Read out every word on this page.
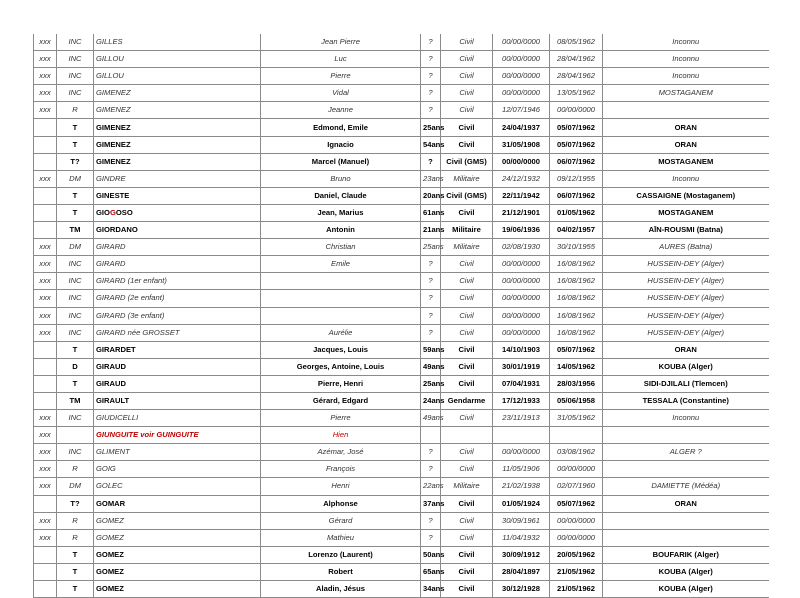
xxx	INC	GILLES	Jean Pierre	?	Civil	00/00/0000	08/05/1962	Inconnu
xxx	INC	GILLOU	Luc	?	Civil	00/00/0000	28/04/1962	Inconnu
xxx	INC	GILLOU	Pierre	?	Civil	00/00/0000	28/04/1962	Inconnu
xxx	INC	GIMENEZ	Vidal	?	Civil	00/00/0000	13/05/1962	MOSTAGANEM
xxx	R	GIMENEZ	Jeanne	?	Civil	12/07/1946	00/00/0000	
	T	GIMENEZ	Edmond, Emile	25ans	Civil	24/04/1937	05/07/1962	ORAN
	T	GIMENEZ	Ignacio	54ans	Civil	31/05/1908	05/07/1962	ORAN
	T?	GIMENEZ	Marcel (Manuel)	?	Civil (GMS)	00/00/0000	06/07/1962	MOSTAGANEM
xxx	DM	GINDRE	Bruno	23ans	Militaire	24/12/1932	09/12/1955	Inconnu
	T	GINESTE	Daniel, Claude	20ans	Civil (GMS)	22/11/1942	06/07/1962	CASSAIGNE (Mostaganem)
	T	GIOGOSO	Jean, Marius	61ans	Civil	21/12/1901	01/05/1962	MOSTAGANEM
	TM	GIORDANO	Antonin	21ans	Militaire	19/06/1936	04/02/1957	AĪN-ROUSMI (Batna)
xxx	DM	GIRARD	Christian	25ans	Militaire	02/08/1930	30/10/1955	AURES (Batna)
xxx	INC	GIRARD	Emile	?	Civil	00/00/0000	16/08/1962	HUSSEIN-DEY (Alger)
xxx	INC	GIRARD (1er enfant)		?	Civil	00/00/0000	16/08/1962	HUSSEIN-DEY (Alger)
xxx	INC	GIRARD (2e enfant)		?	Civil	00/00/0000	16/08/1962	HUSSEIN-DEY (Alger)
xxx	INC	GIRARD (3e enfant)		?	Civil	00/00/0000	16/08/1962	HUSSEIN-DEY (Alger)
xxx	INC	GIRARD née GROSSET	Aurélie	?	Civil	00/00/0000	16/08/1962	HUSSEIN-DEY (Alger)
	T	GIRARDET	Jacques, Louis	59ans	Civil	14/10/1903	05/07/1962	ORAN
	D	GIRAUD	Georges, Antoine, Louis	49ans	Civil	30/01/1919	14/05/1962	KOUBA (Alger)
	T	GIRAUD	Pierre, Henri	25ans	Civil	07/04/1931	28/03/1956	SIDI-DJILALI (Tlemcen)
	TM	GIRAULT	Gérard, Edgard	24ans	Gendarme	17/12/1933	05/06/1958	TESSALA (Constantine)
xxx	INC	GIUDICELLI	Pierre	49ans	Civil	23/11/1913	31/05/1962	Inconnu
xxx		GIUNGUITE voir GUINGUITE	Hien					
xxx	INC	GLIMENT	Azémar, José	?	Civil	00/00/0000	03/08/1962	ALGER ?
xxx	R	GOIG	François	?	Civil	11/05/1906	00/00/0000	
xxx	DM	GOLEC	Henri	22ans	Militaire	21/02/1938	02/07/1960	DAMIETTE (Médéa)
	T?	GOMAR	Alphonse	37ans	Civil	01/05/1924	05/07/1962	ORAN
xxx	R	GOMEZ	Gérard	?	Civil	30/09/1961	00/00/0000	
xxx	R	GOMEZ	Mathieu	?	Civil	11/04/1932	00/00/0000	
	T	GOMEZ	Lorenzo (Laurent)	50ans	Civil	30/09/1912	20/05/1962	BOUFARIK (Alger)
	T	GOMEZ	Robert	65ans	Civil	28/04/1897	21/05/1962	KOUBA (Alger)
	T	GOMEZ	Aladin, Jésus	34ans	Civil	30/12/1928	21/05/1962	KOUBA (Alger)
